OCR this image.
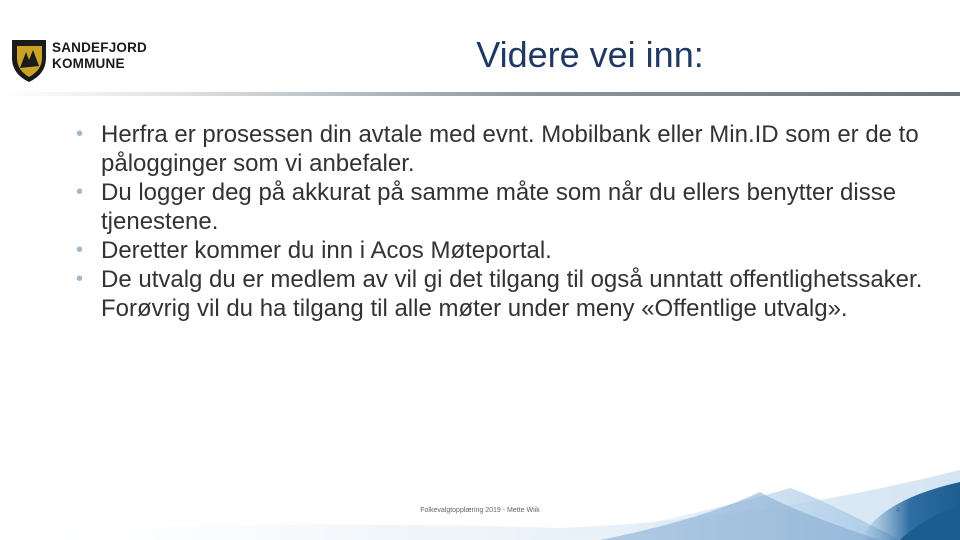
SANDEFJORD
KOMMUNE	Videre vei inn:
• Herfra er prosessen din avtale med evnt. Mobilbank eller Min.ID som er de to pålogginger som vi anbefaler.
• Du logger deg på akkurat på samme måte som når du ellers benytter disse tjenestene.
• Deretter kommer du inn i Acos Møteportal.
• De utvalg du er medlem av vil gi det tilgang til også unntatt offentlighetssaker. Forøvrig vil du ha tilgang til alle møter under meny «Offentlige utvalg».
Folkevalgtopplæring 2019 - Mette Wiik	4
